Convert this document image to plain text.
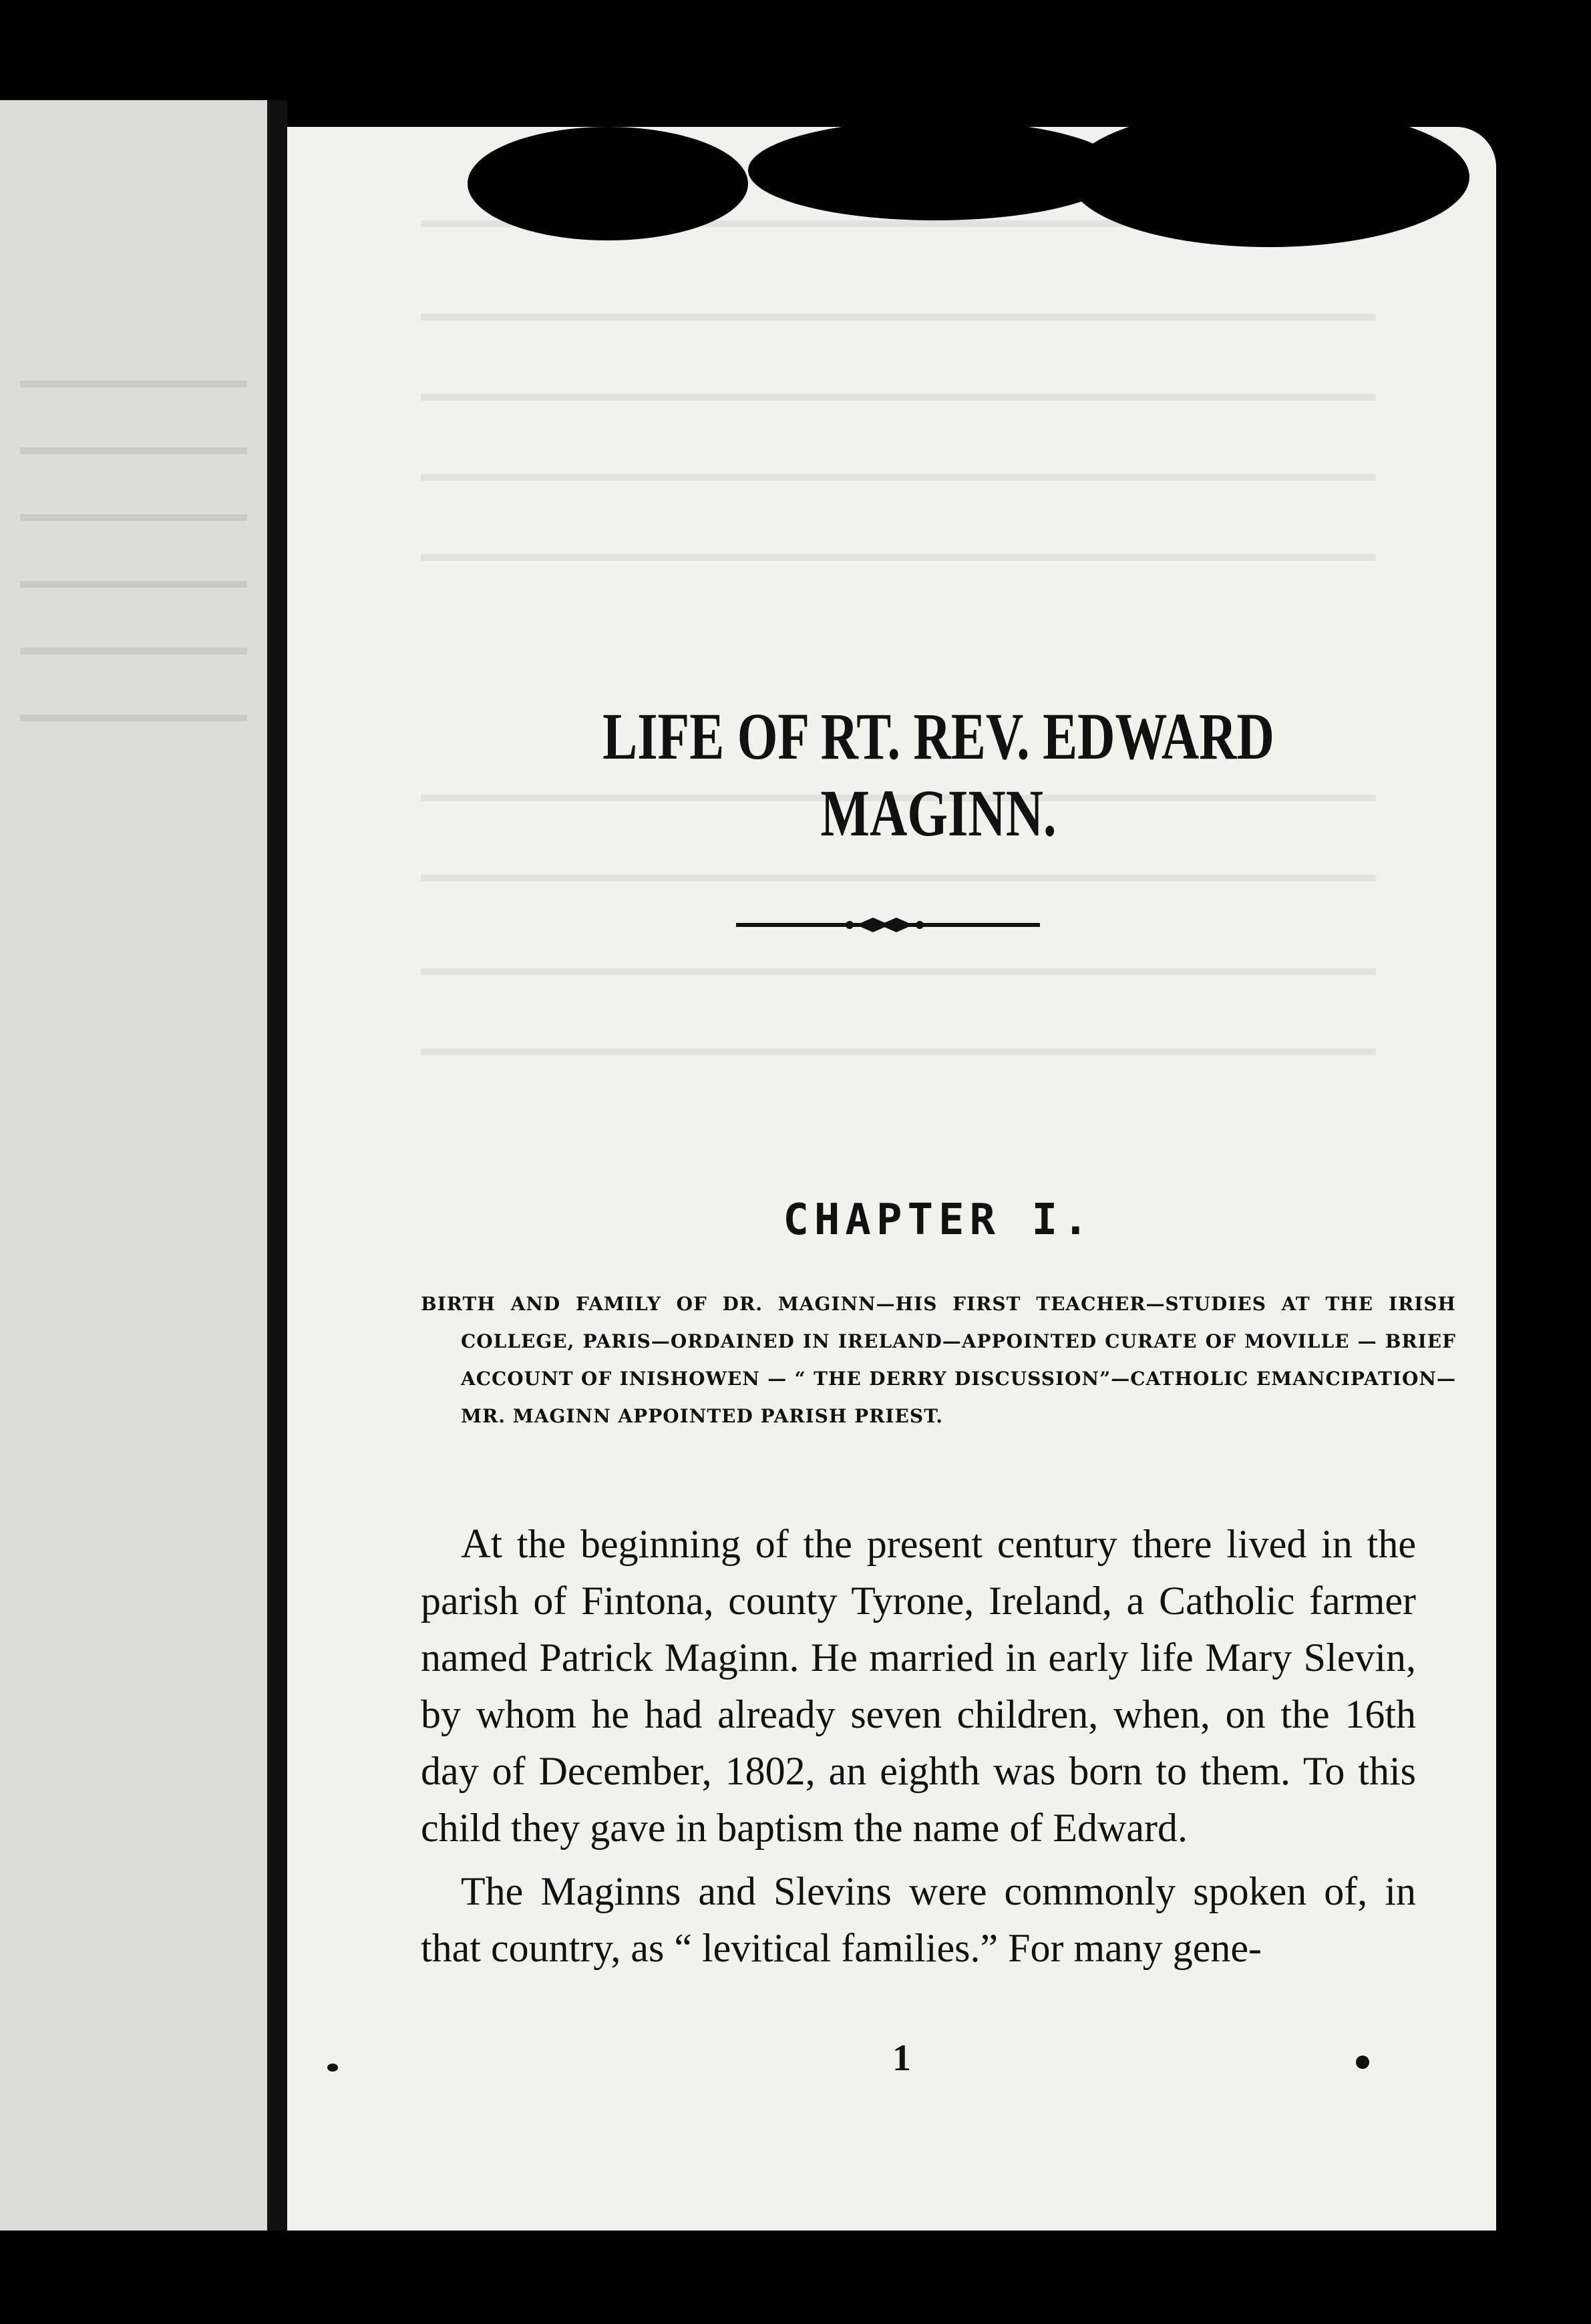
LIFE OF RT. REV. EDWARD MAGINN.
CHAPTER I.
BIRTH AND FAMILY OF DR. MAGINN—HIS FIRST TEACHER—STUDIES AT THE IRISH COLLEGE, PARIS—ORDAINED IN IRELAND—APPOINTED CURATE OF MOVILLE — BRIEF ACCOUNT OF INISHOWEN — “ THE DERRY DISCUSSION”—CATHOLIC EMANCIPATION—MR. MAGINN APPOINTED PARISH PRIEST.

At the beginning of the present century there lived in the parish of Fintona, county Tyrone, Ireland, a Catholic farmer named Patrick Maginn. He married in early life Mary Slevin, by whom he had already seven children, when, on the 16th day of December, 1802, an eighth was born to them. To this child they gave in baptism the name of Edward.

The Maginns and Slevins were commonly spoken of, in that country, as “ levitical families.” For many gene-

1
